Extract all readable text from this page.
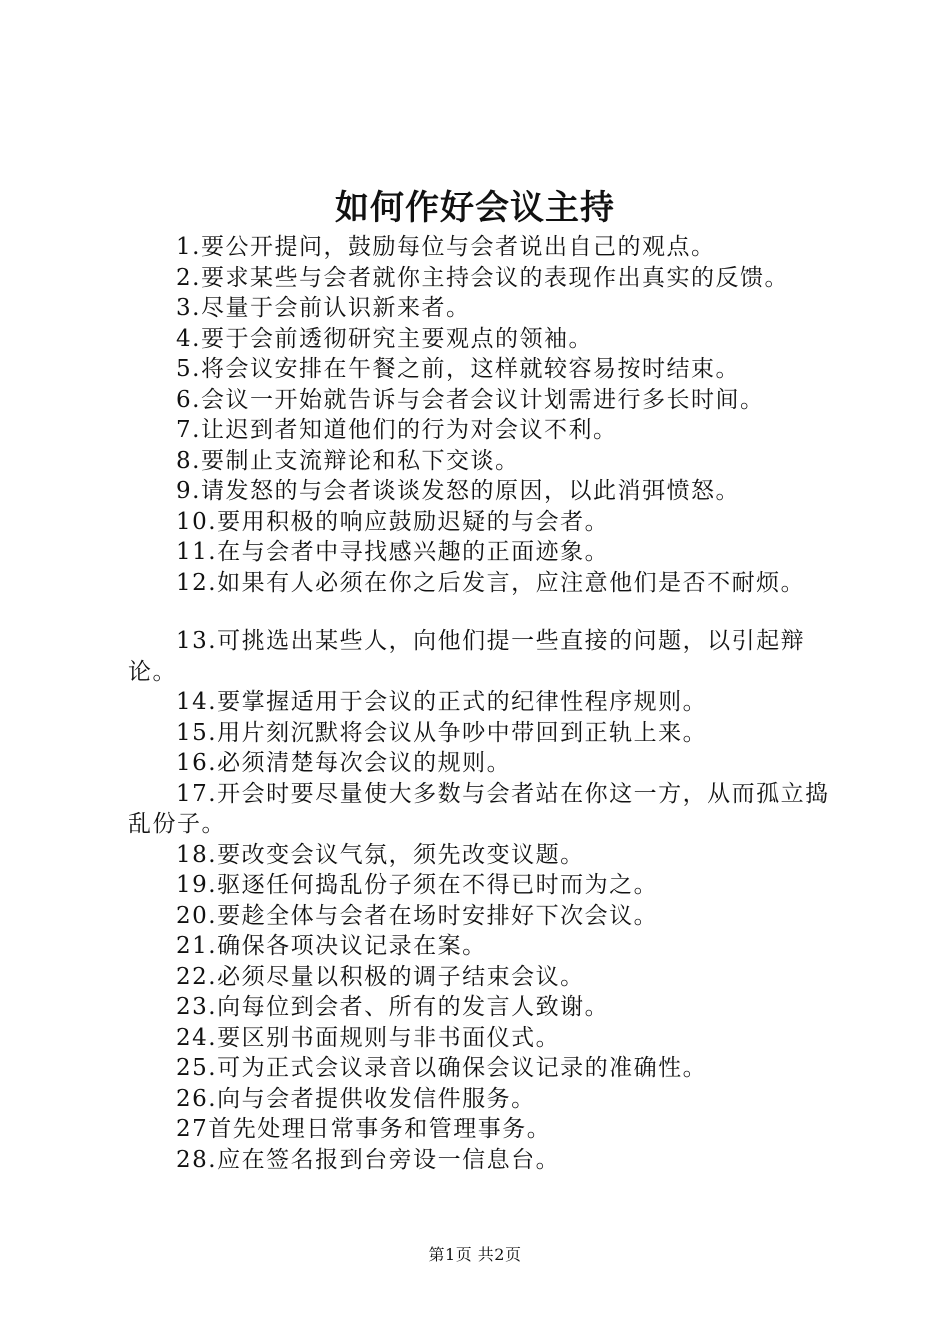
如何作好会议主持

1.要公开提问，鼓励每位与会者说出自己的观点。

2.要求某些与会者就你主持会议的表现作出真实的反馈。

3.尽量于会前认识新来者。

4.要于会前透彻研究主要观点的领袖。

5.将会议安排在午餐之前，这样就较容易按时结束。

6.会议一开始就告诉与会者会议计划需进行多长时间。

7.让迟到者知道他们的行为对会议不利。

8.要制止支流辩论和私下交谈。

9.请发怒的与会者谈谈发怒的原因，以此消弭愤怒。

10.要用积极的响应鼓励迟疑的与会者。

11.在与会者中寻找感兴趣的正面迹象。

12.如果有人必须在你之后发言，应注意他们是否不耐烦。

13.可挑选出某些人，向他们提一些直接的问题，以引起辩论。

14.要掌握适用于会议的正式的纪律性程序规则。

15.用片刻沉默将会议从争吵中带回到正轨上来。

16.必须清楚每次会议的规则。

17.开会时要尽量使大多数与会者站在你这一方，从而孤立捣乱份子。

18.要改变会议气氛，须先改变议题。

19.驱逐任何捣乱份子须在不得已时而为之。

20.要趁全体与会者在场时安排好下次会议。

21.确保各项决议记录在案。

22.必须尽量以积极的调子结束会议。

23.向每位到会者、所有的发言人致谢。

24.要区别书面规则与非书面仪式。

25.可为正式会议录音以确保会议记录的准确性。

26.向与会者提供收发信件服务。

27首先处理日常事务和管理事务。

28.应在签名报到台旁设一信息台。

第1页 共2页
